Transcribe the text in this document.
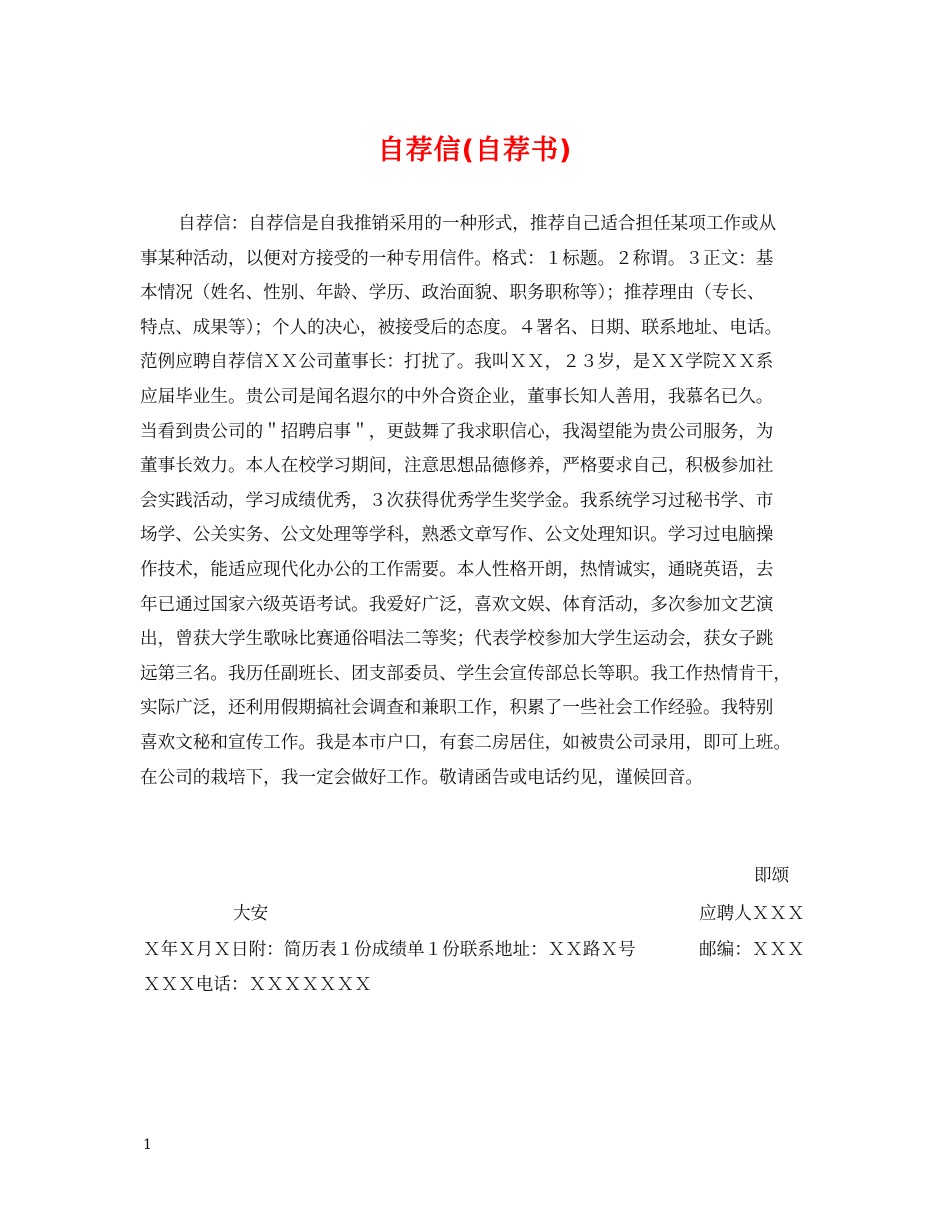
自荐信(自荐书)
自荐信：自荐信是自我推销采用的一种形式，推荐自己适合担任某项工作或从
事某种活动，以便对方接受的一种专用信件。格式：１标题。２称谓。３正文：基
本情况（姓名、性别、年龄、学历、政治面貌、职务职称等）；推荐理由（专长、
特点、成果等）；个人的决心，被接受后的态度。４署名、日期、联系地址、电话。
范例应聘自荐信ＸＸ公司董事长：打扰了。我叫ＸＸ，２３岁，是ＸＸ学院ＸＸ系
应届毕业生。贵公司是闻名遐尔的中外合资企业，董事长知人善用，我慕名已久。
当看到贵公司的＂招聘启事＂，更鼓舞了我求职信心，我渴望能为贵公司服务，为
董事长效力。本人在校学习期间，注意思想品德修养，严格要求自己，积极参加社
会实践活动，学习成绩优秀，３次获得优秀学生奖学金。我系统学习过秘书学、市
场学、公关实务、公文处理等学科，熟悉文章写作、公文处理知识。学习过电脑操
作技术，能适应现代化办公的工作需要。本人性格开朗，热情诚实，通晓英语，去
年已通过国家六级英语考试。我爱好广泛，喜欢文娱、体育活动，多次参加文艺演
出，曾获大学生歌咏比赛通俗唱法二等奖；代表学校参加大学生运动会，获女子跳
远第三名。我历任副班长、团支部委员、学生会宣传部总长等职。我工作热情肯干，
实际广泛，还利用假期搞社会调查和兼职工作，积累了一些社会工作经验。我特别
喜欢文秘和宣传工作。我是本市户口，有套二房居住，如被贵公司录用，即可上班。
在公司的栽培下，我一定会做好工作。敬请函告或电话约见，谨候回音。
即颂
大安	应聘人ＸＸＸ
Ｘ年Ｘ月Ｘ日附：简历表１份成绩单１份联系地址：ＸＸ路Ｘ号	邮编：ＸＸＸ
ＸＸＸ电话：ＸＸＸＸＸＸＸ
1
